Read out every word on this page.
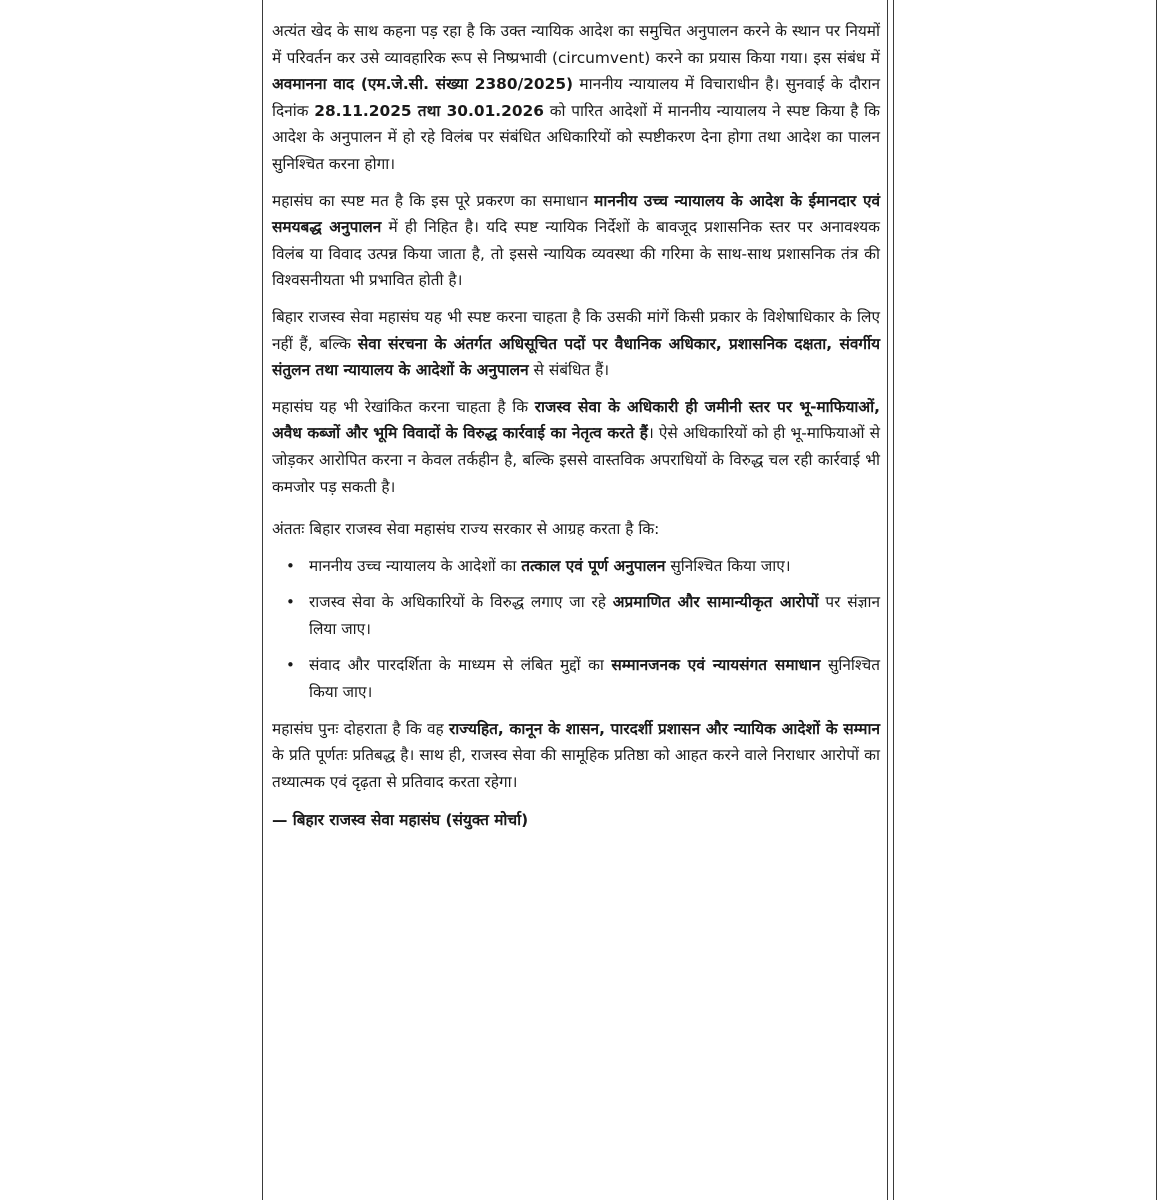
अत्यंत खेद के साथ कहना पड़ रहा है कि उक्त न्यायिक आदेश का समुचित अनुपालन करने के स्थान पर नियमों में परिवर्तन कर उसे व्यावहारिक रूप से निष्प्रभावी (circumvent) करने का प्रयास किया गया। इस संबंध में अवमानना वाद (एम.जे.सी. संख्या 2380/2025) माननीय न्यायालय में विचाराधीन है। सुनवाई के दौरान दिनांक 28.11.2025 तथा 30.01.2026 को पारित आदेशों में माननीय न्यायालय ने स्पष्ट किया है कि आदेश के अनुपालन में हो रहे विलंब पर संबंधित अधिकारियों को स्पष्टीकरण देना होगा तथा आदेश का पालन सुनिश्चित करना होगा।

महासंघ का स्पष्ट मत है कि इस पूरे प्रकरण का समाधान माननीय उच्च न्यायालय के आदेश के ईमानदार एवं समयबद्ध अनुपालन में ही निहित है। यदि स्पष्ट न्यायिक निर्देशों के बावजूद प्रशासनिक स्तर पर अनावश्यक विलंब या विवाद उत्पन्न किया जाता है, तो इससे न्यायिक व्यवस्था की गरिमा के साथ-साथ प्रशासनिक तंत्र की विश्वसनीयता भी प्रभावित होती है।

बिहार राजस्व सेवा महासंघ यह भी स्पष्ट करना चाहता है कि उसकी मांगें किसी प्रकार के विशेषाधिकार के लिए नहीं हैं, बल्कि सेवा संरचना के अंतर्गत अधिसूचित पदों पर वैधानिक अधिकार, प्रशासनिक दक्षता, संवर्गीय संतुलन तथा न्यायालय के आदेशों के अनुपालन से संबंधित हैं।

महासंघ यह भी रेखांकित करना चाहता है कि राजस्व सेवा के अधिकारी ही जमीनी स्तर पर भू-माफियाओं, अवैध कब्जों और भूमि विवादों के विरुद्ध कार्रवाई का नेतृत्व करते हैं। ऐसे अधिकारियों को ही भू-माफियाओं से जोड़कर आरोपित करना न केवल तर्कहीन है, बल्कि इससे वास्तविक अपराधियों के विरुद्ध चल रही कार्रवाई भी कमजोर पड़ सकती है।

अंततः बिहार राजस्व सेवा महासंघ राज्य सरकार से आग्रह करता है कि:

• माननीय उच्च न्यायालय के आदेशों का तत्काल एवं पूर्ण अनुपालन सुनिश्चित किया जाए।
• राजस्व सेवा के अधिकारियों के विरुद्ध लगाए जा रहे अप्रमाणित और सामान्यीकृत आरोपों पर संज्ञान लिया जाए।
• संवाद और पारदर्शिता के माध्यम से लंबित मुद्दों का सम्मानजनक एवं न्यायसंगत समाधान सुनिश्चित किया जाए।

महासंघ पुनः दोहराता है कि वह राज्यहित, कानून के शासन, पारदर्शी प्रशासन और न्यायिक आदेशों के सम्मान के प्रति पूर्णतः प्रतिबद्ध है। साथ ही, राजस्व सेवा की सामूहिक प्रतिष्ठा को आहत करने वाले निराधार आरोपों का तथ्यात्मक एवं दृढ़ता से प्रतिवाद करता रहेगा।

— बिहार राजस्व सेवा महासंघ (संयुक्त मोर्चा)
